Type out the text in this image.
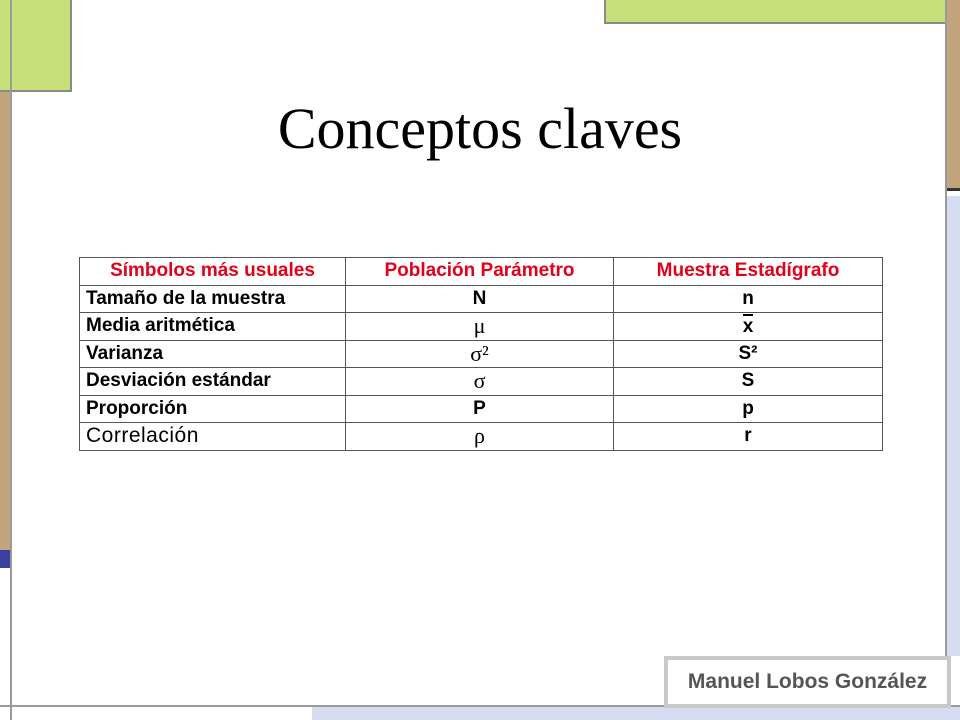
Conceptos claves
Símbolos más usuales	Población Parámetro	Muestra Estadígrafo
Tamaño de la muestra	N	n
Media aritmética	μ	x
Varianza	σ²	S²
Desviación estándar	σ	S
Proporción	P	p
Correlación	ρ	r
Manuel Lobos González
